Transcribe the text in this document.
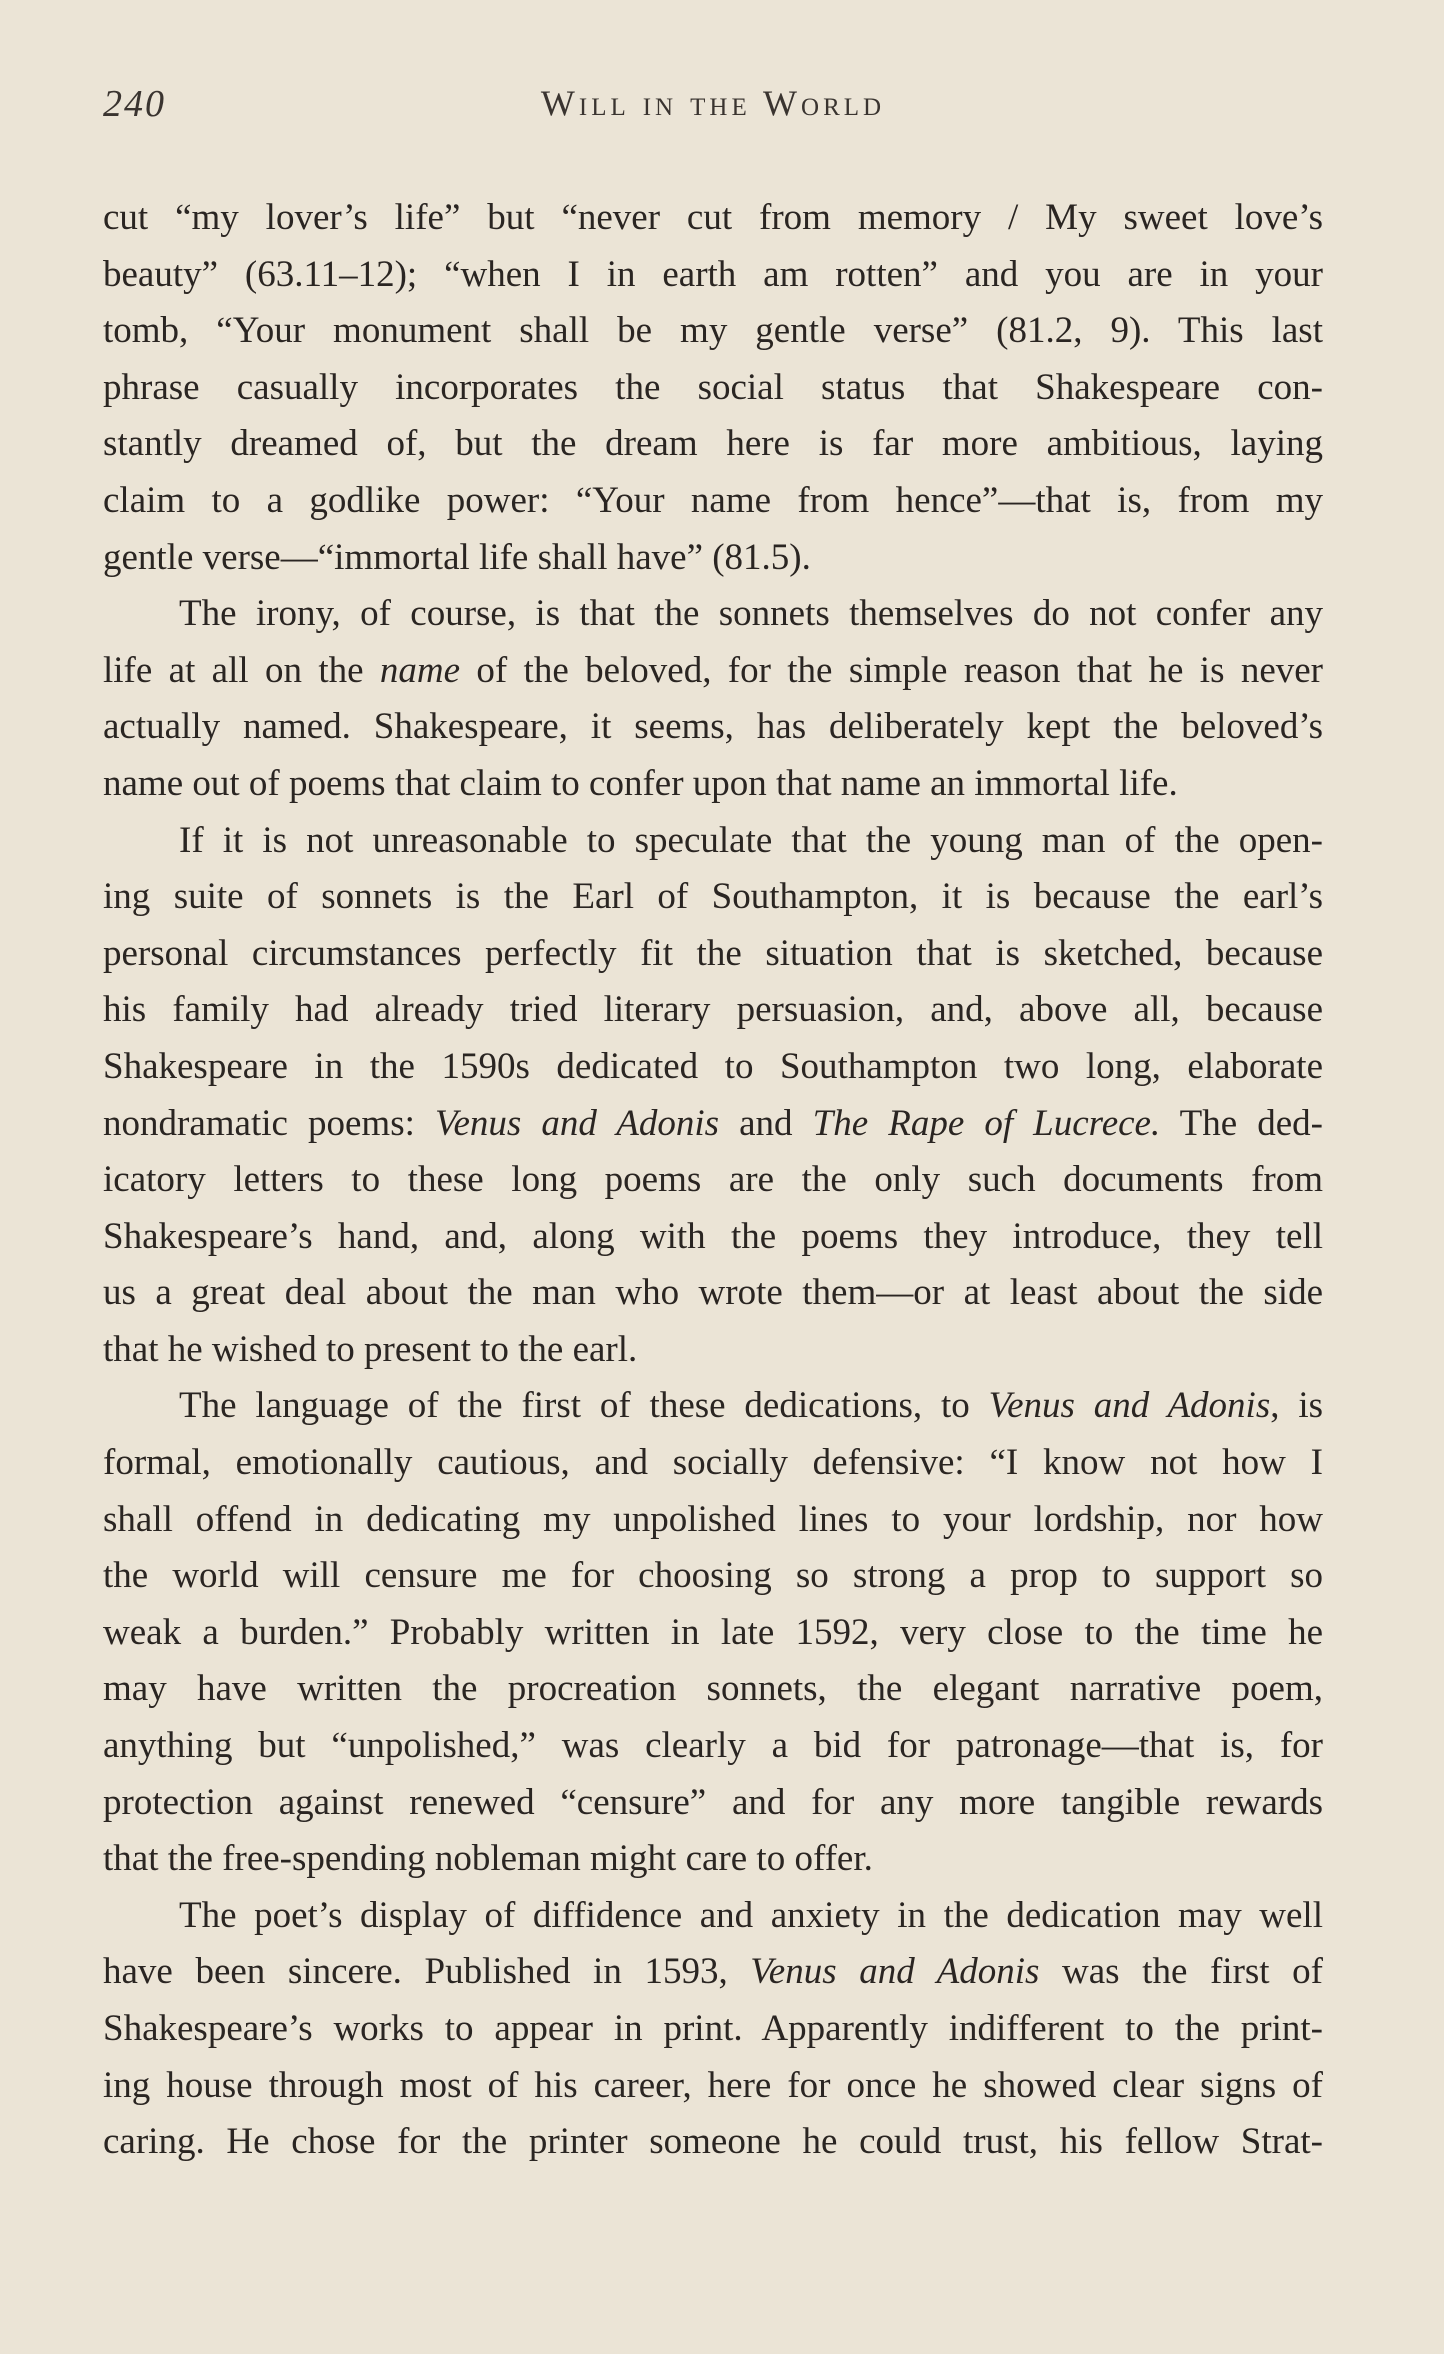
240	Will in the World

cut “my lover’s life” but “never cut from memory / My sweet love’s
beauty” (63.11–12); “when I in earth am rotten” and you are in your
tomb, “Your monument shall be my gentle verse” (81.2, 9). This last
phrase casually incorporates the social status that Shakespeare con-
stantly dreamed of, but the dream here is far more ambitious, laying
claim to a godlike power: “Your name from hence”—that is, from my
gentle verse—“immortal life shall have” (81.5).

The irony, of course, is that the sonnets themselves do not confer any
life at all on the name of the beloved, for the simple reason that he is never
actually named. Shakespeare, it seems, has deliberately kept the beloved’s
name out of poems that claim to confer upon that name an immortal life.

If it is not unreasonable to speculate that the young man of the open-
ing suite of sonnets is the Earl of Southampton, it is because the earl’s
personal circumstances perfectly fit the situation that is sketched, because
his family had already tried literary persuasion, and, above all, because
Shakespeare in the 1590s dedicated to Southampton two long, elaborate
nondramatic poems: Venus and Adonis and The Rape of Lucrece. The ded-
icatory letters to these long poems are the only such documents from
Shakespeare’s hand, and, along with the poems they introduce, they tell
us a great deal about the man who wrote them—or at least about the side
that he wished to present to the earl.

The language of the first of these dedications, to Venus and Adonis, is
formal, emotionally cautious, and socially defensive: “I know not how I
shall offend in dedicating my unpolished lines to your lordship, nor how
the world will censure me for choosing so strong a prop to support so
weak a burden.” Probably written in late 1592, very close to the time he
may have written the procreation sonnets, the elegant narrative poem,
anything but “unpolished,” was clearly a bid for patronage—that is, for
protection against renewed “censure” and for any more tangible rewards
that the free-spending nobleman might care to offer.

The poet’s display of diffidence and anxiety in the dedication may well
have been sincere. Published in 1593, Venus and Adonis was the first of
Shakespeare’s works to appear in print. Apparently indifferent to the print-
ing house through most of his career, here for once he showed clear signs of
caring. He chose for the printer someone he could trust, his fellow Strat-
